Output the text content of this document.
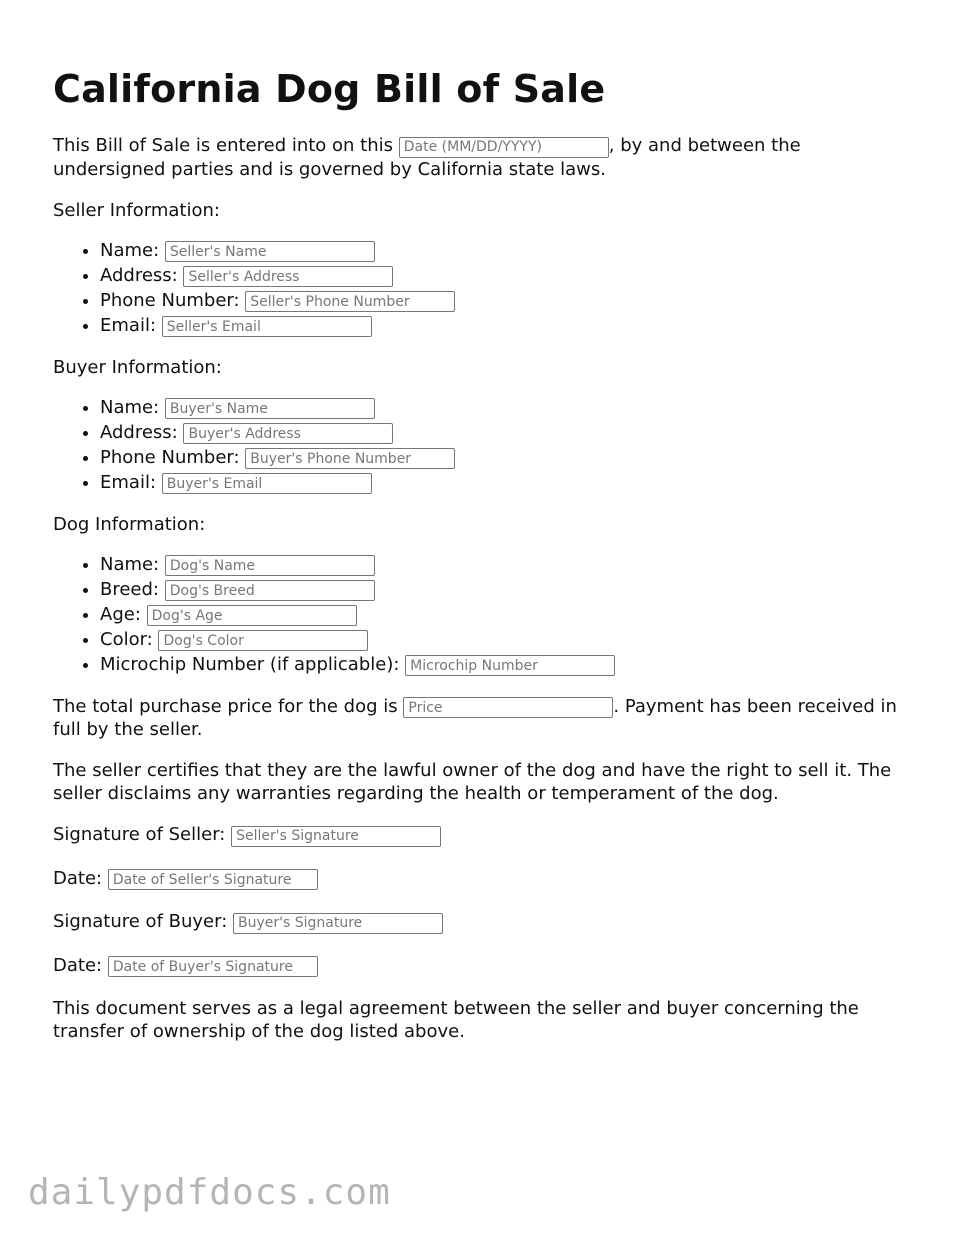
California Dog Bill of Sale

This Bill of Sale is entered into on this Date (MM/DD/YYYY)	, by and between the undersigned parties and is governed by California state laws.

Seller Information:
• Name: Seller's Name
• Address: Seller's Address
• Phone Number: Seller's Phone Number
• Email: Seller's Email
Buyer Information:
• Name: Buyer's Name
• Address: Buyer's Address
• Phone Number: Buyer's Phone Number
• Email: Buyer's Email
Dog Information:
• Name: Dog's Name
• Breed: Dog's Breed
• Age: Dog's Age
• Color: Dog's Color
• Microchip Number (if applicable): Microchip Number

The total purchase price for the dog is Price	. Payment has been received in full by the seller.

The seller certifies that they are the lawful owner of the dog and have the right to sell it. The seller disclaims any warranties regarding the health or temperament of the dog.

Signature of Seller: Seller's Signature
Date: Date of Seller's Signature
Signature of Buyer: Buyer's Signature
Date: Date of Buyer's Signature

This document serves as a legal agreement between the seller and buyer concerning the transfer of ownership of the dog listed above.

dailypdfdocs.com
